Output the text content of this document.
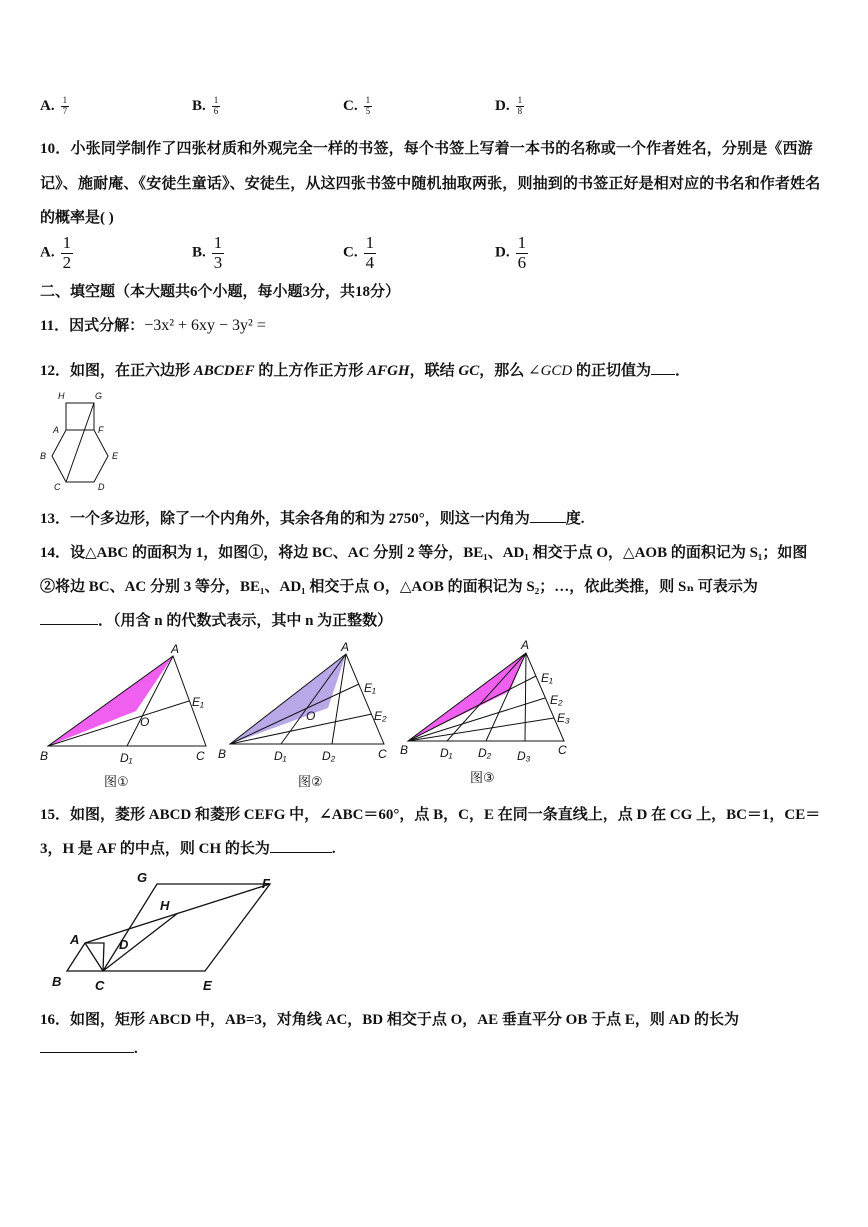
A. $\frac{1}{7}$	B. $\frac{1}{6}$	C. $\frac{1}{5}$	D. $\frac{1}{8}$
10．小张同学制作了四张材质和外观完全一样的书签，每个书签上写着一本书的名称或一个作者姓名，分别是《西游
记》、施耐庵、《安徒生童话》、安徒生，从这四张书签中随机抽取两张，则抽到的书签正好是相对应的书名和作者姓名
的概率是( )
A. $\frac{1}{2}$	B. $\frac{1}{3}$	C. $\frac{1}{4}$	D. $\frac{1}{6}$
二、填空题（本大题共6个小题，每小题3分，共18分）
11．因式分解：−3x² + 6xy − 3y² =
12．如图，在正六边形 ABCDEF 的上方作正方形 AFGH，联结 GC，那么 ∠GCD 的正切值为 ．
H	G
A	F
B	E
C	D
13．一个多边形，除了一个内角外，其余各角的和为 2750°，则这一内角为 度.
14．设△ABC 的面积为 1，如图①，将边 BC、AC 分别 2 等分，BE₁、AD₁ 相交于点 O，△AOB 的面积记为 S₁；如图
②将边 BC、AC 分别 3 等分，BE₁、AD₁ 相交于点 O，△AOB 的面积记为 S₂；…，依此类推，则 Sₙ 可表示为
．（用含 n 的代数式表示，其中 n 为正整数）
A
B	C
O
D₁
E₁
图①
A
B	C
O
D₁	D₂
E₁
E₂
图②
A
B	C
D₁ D₂ D₃
E₁
E₂
E₃
图③
15．如图，菱形 ABCD 和菱形 CEFG 中，∠ABC＝60°，点 B，C，E 在同一条直线上，点 D 在 CG 上，BC＝1，CE＝
3，H 是 AF 的中点，则 CH 的长为	.
G	F
H
A	D
B	C	E
16．如图，矩形 ABCD 中，AB=3，对角线 AC，BD 相交于点 O，AE 垂直平分 OB 于点 E，则 AD 的长为
.
